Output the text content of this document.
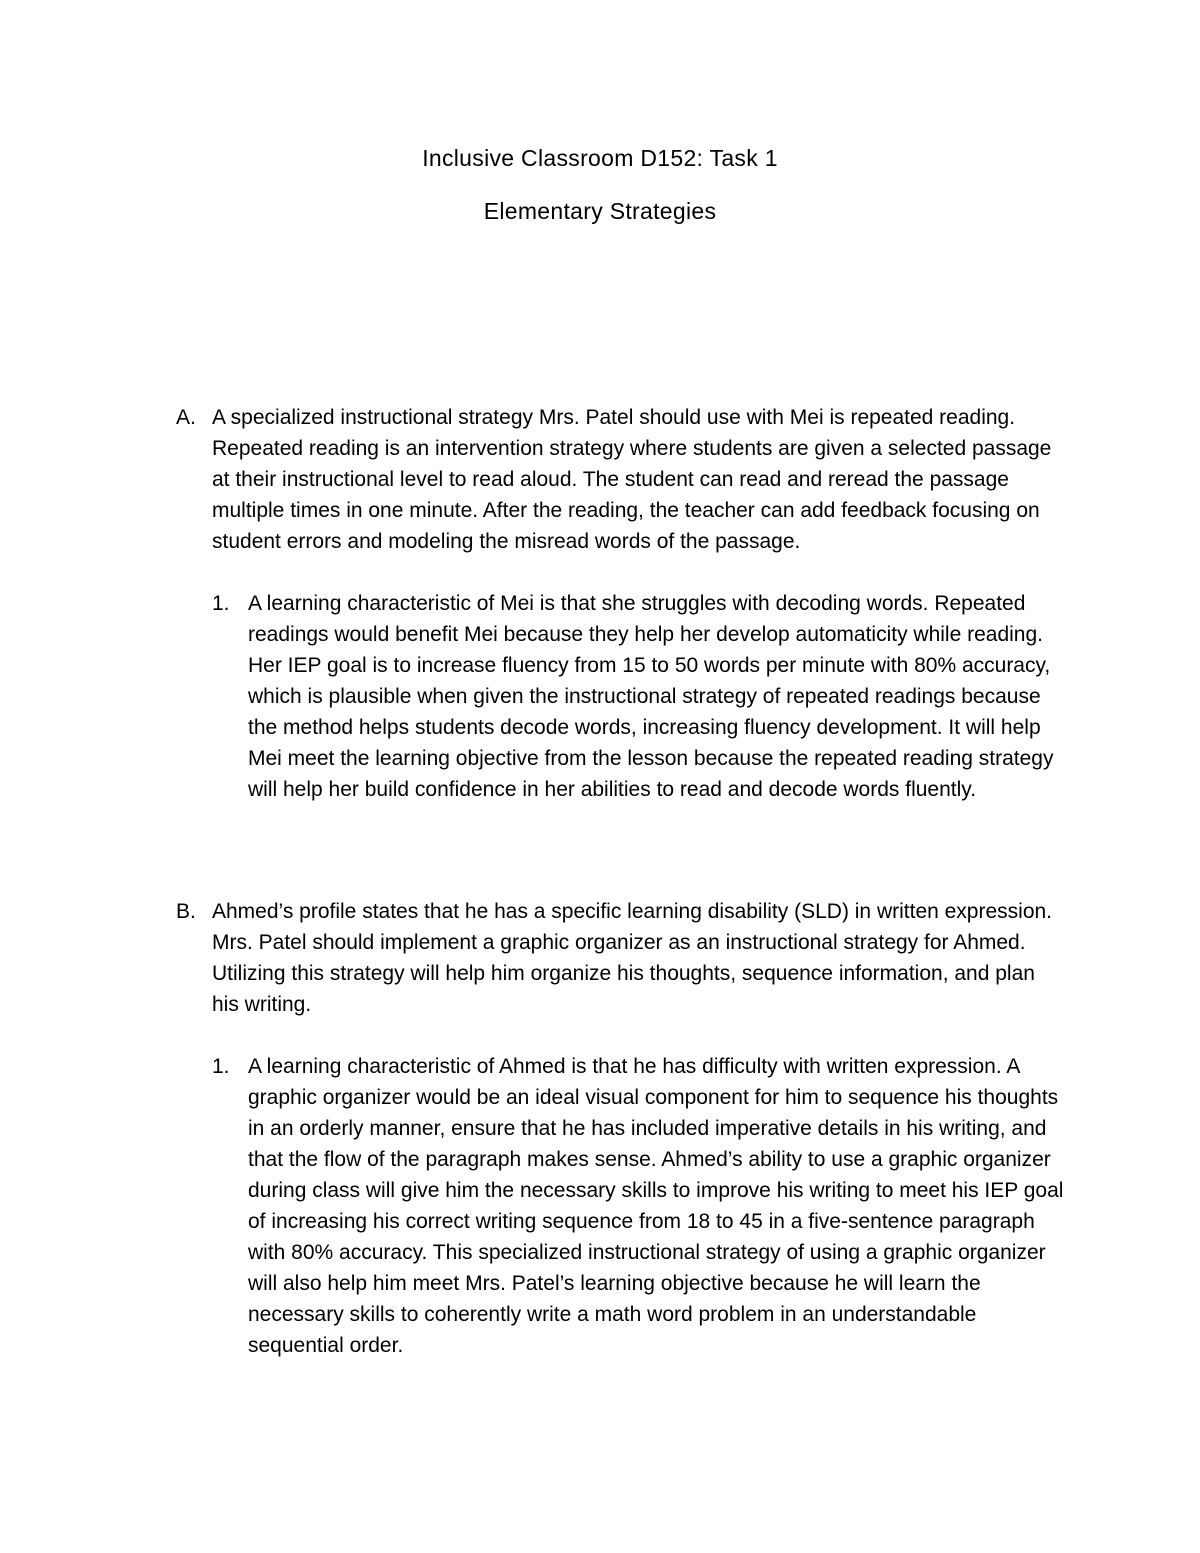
Inclusive Classroom D152: Task 1
Elementary Strategies
A. A specialized instructional strategy Mrs. Patel should use with Mei is repeated reading. Repeated reading is an intervention strategy where students are given a selected passage at their instructional level to read aloud. The student can read and reread the passage multiple times in one minute. After the reading, the teacher can add feedback focusing on student errors and modeling the misread words of the passage.

1. A learning characteristic of Mei is that she struggles with decoding words. Repeated readings would benefit Mei because they help her develop automaticity while reading. Her IEP goal is to increase fluency from 15 to 50 words per minute with 80% accuracy, which is plausible when given the instructional strategy of repeated readings because the method helps students decode words, increasing fluency development. It will help Mei meet the learning objective from the lesson because the repeated reading strategy will help her build confidence in her abilities to read and decode words fluently.

B. Ahmed’s profile states that he has a specific learning disability (SLD) in written expression. Mrs. Patel should implement a graphic organizer as an instructional strategy for Ahmed. Utilizing this strategy will help him organize his thoughts, sequence information, and plan his writing.

1. A learning characteristic of Ahmed is that he has difficulty with written expression. A graphic organizer would be an ideal visual component for him to sequence his thoughts in an orderly manner, ensure that he has included imperative details in his writing, and that the flow of the paragraph makes sense. Ahmed’s ability to use a graphic organizer during class will give him the necessary skills to improve his writing to meet his IEP goal of increasing his correct writing sequence from 18 to 45 in a five-sentence paragraph with 80% accuracy. This specialized instructional strategy of using a graphic organizer will also help him meet Mrs. Patel’s learning objective because he will learn the necessary skills to coherently write a math word problem in an understandable sequential order.
